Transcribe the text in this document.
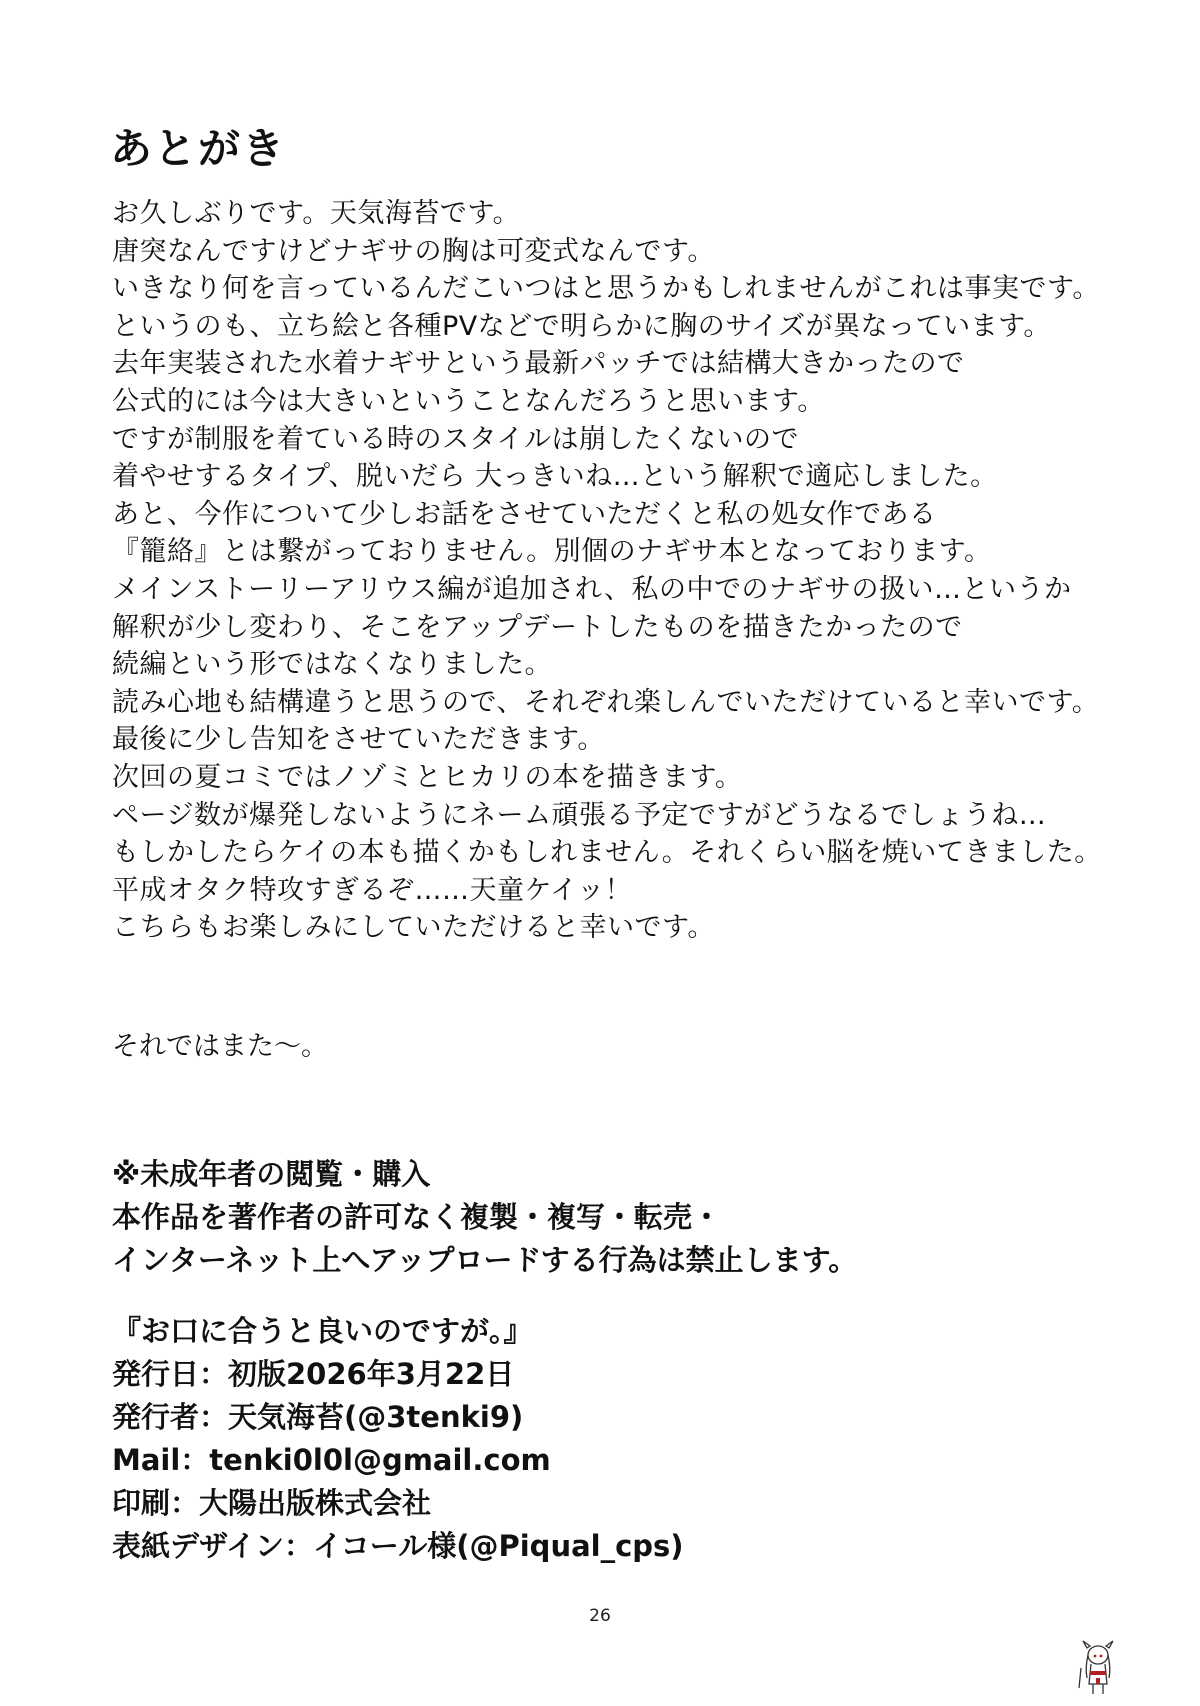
あとがき
お久しぶりです。天気海苔です。
唐突なんですけどナギサの胸は可変式なんです。
いきなり何を言っているんだこいつはと思うかもしれませんがこれは事実です。
というのも、立ち絵と各種PVなどで明らかに胸のサイズが異なっています。
去年実装された水着ナギサという最新パッチでは結構大きかったので
公式的には今は大きいということなんだろうと思います。
ですが制服を着ている時のスタイルは崩したくないので
着やせするタイプ、脱いだら 大っきいね…という解釈で適応しました。
あと、今作について少しお話をさせていただくと私の処女作である
『籠絡』とは繋がっておりません。別個のナギサ本となっております。
メインストーリーアリウス編が追加され、私の中でのナギサの扱い…というか
解釈が少し変わり、そこをアップデートしたものを描きたかったので
続編という形ではなくなりました。
読み心地も結構違うと思うので、それぞれ楽しんでいただけていると幸いです。
最後に少し告知をさせていただきます。
次回の夏コミではノゾミとヒカリの本を描きます。
ページ数が爆発しないようにネーム頑張る予定ですがどうなるでしょうね…
もしかしたらケイの本も描くかもしれません。それくらい脳を焼いてきました。
平成オタク特攻すぎるぞ……天童ケイッ！
こちらもお楽しみにしていただけると幸いです。

それではまた～。

※未成年者の閲覧・購入
本作品を著作者の許可なく複製・複写・転売・
インターネット上へアップロードする行為は禁止します。
『お口に合うと良いのですが。』
発行日：初版2026年3月22日
発行者：天気海苔(@3tenki9)
Mail：tenki0l0l@gmail.com
印刷：大陽出版株式会社
表紙デザイン：イコール様(@Piqual_cps)
26
